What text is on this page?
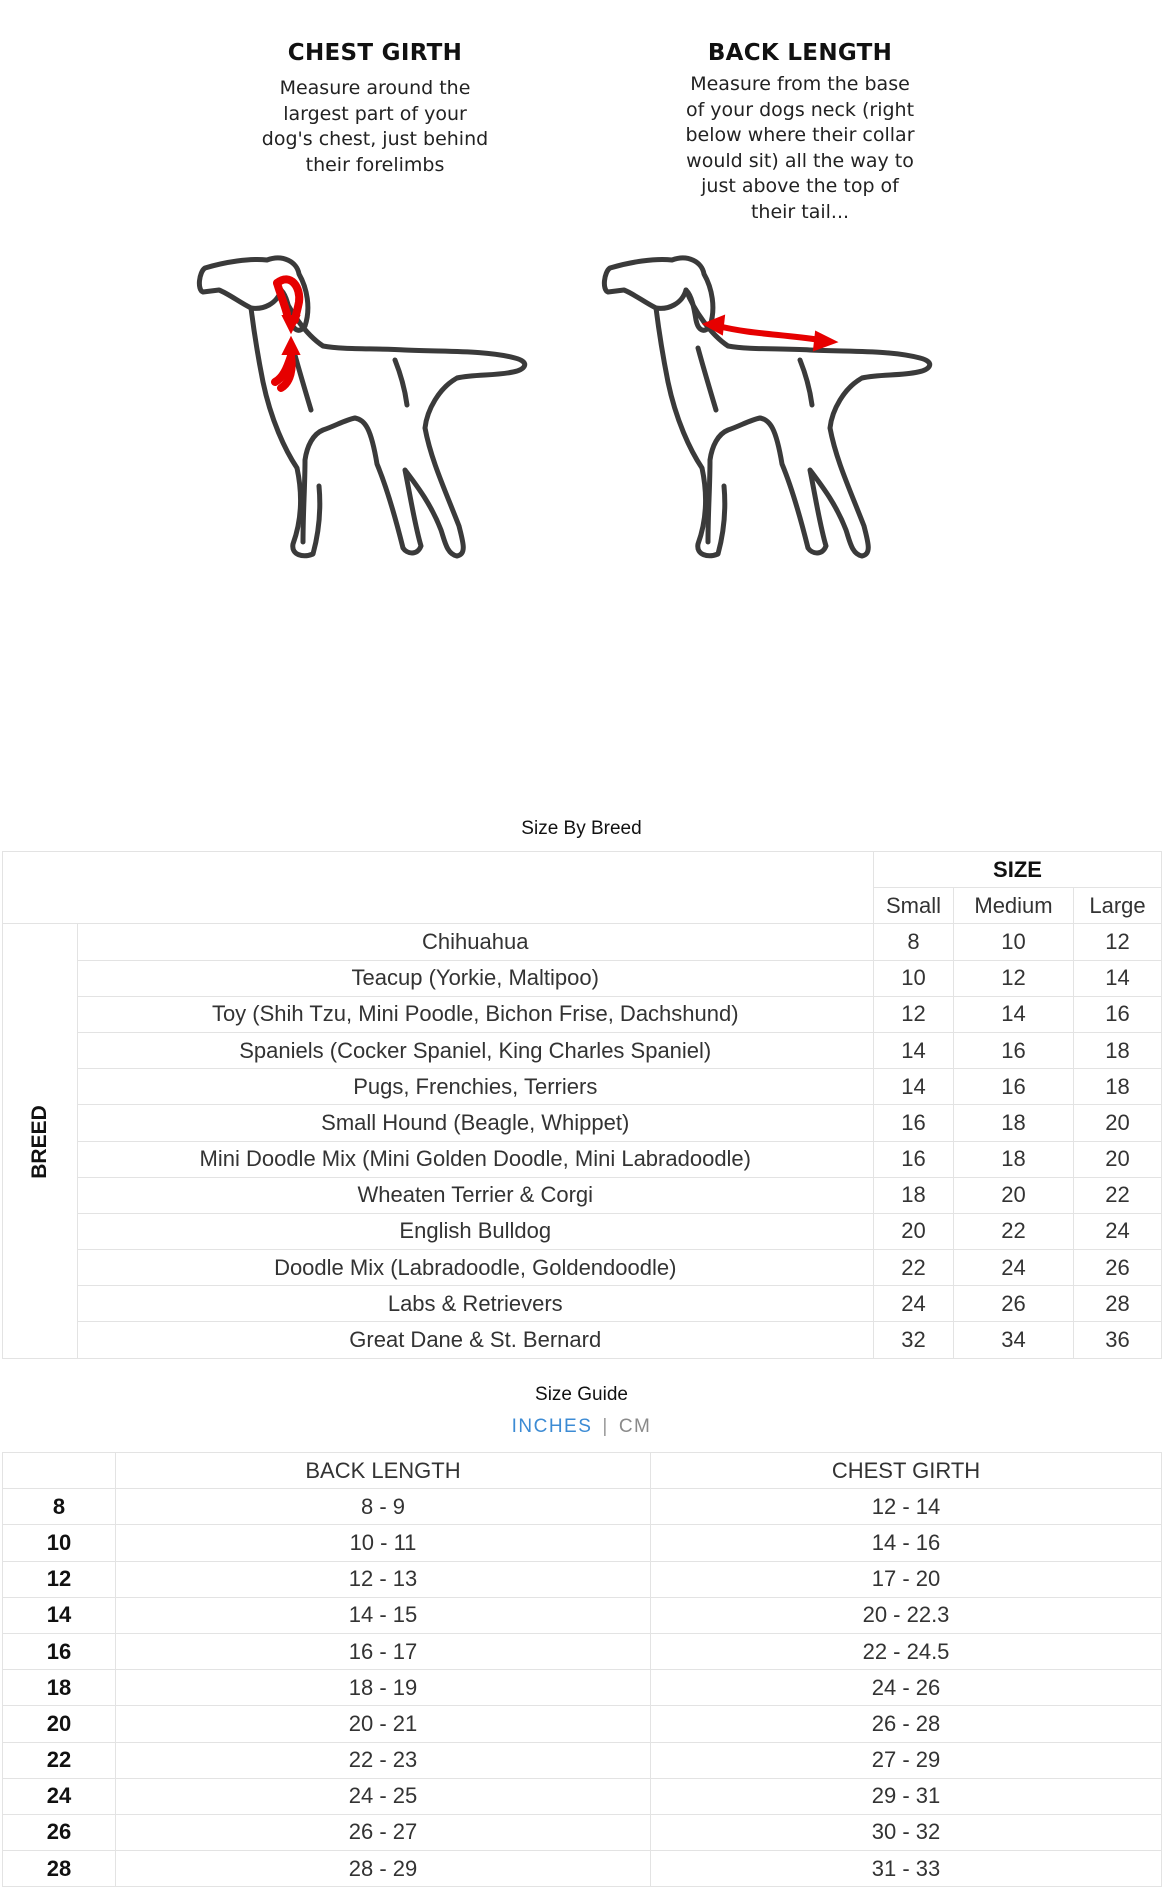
CHEST GIRTH
Measure around the
largest part of your
dog's chest, just behind
their forelimbs
BACK LENGTH
Measure from the base
of your dogs neck (right
below where their collar
would sit) all the way to
just above the top of
their tail...
Size By Breed
		SIZE		
		Small	Medium	Large
BREED	Chihuahua	8	10	12
	Teacup (Yorkie, Maltipoo)	10	12	14
	Toy (Shih Tzu, Mini Poodle, Bichon Frise, Dachshund)	12	14	16
	Spaniels (Cocker Spaniel, King Charles Spaniel)	14	16	18
	Pugs, Frenchies, Terriers	14	16	18
	Small Hound (Beagle, Whippet)	16	18	20
	Mini Doodle Mix (Mini Golden Doodle, Mini Labradoodle)	16	18	20
	Wheaten Terrier & Corgi	18	20	22
	English Bulldog	20	22	24
	Doodle Mix (Labradoodle, Goldendoodle)	22	24	26
	Labs & Retrievers	24	26	28
	Great Dane & St. Bernard	32	34	36
Size Guide
INCHES | CM
	BACK LENGTH	CHEST GIRTH
8	8 - 9	12 - 14
10	10 - 11	14 - 16
12	12 - 13	17 - 20
14	14 - 15	20 - 22.3
16	16 - 17	22 - 24.5
18	18 - 19	24 - 26
20	20 - 21	26 - 28
22	22 - 23	27 - 29
24	24 - 25	29 - 31
26	26 - 27	30 - 32
28	28 - 29	31 - 33
